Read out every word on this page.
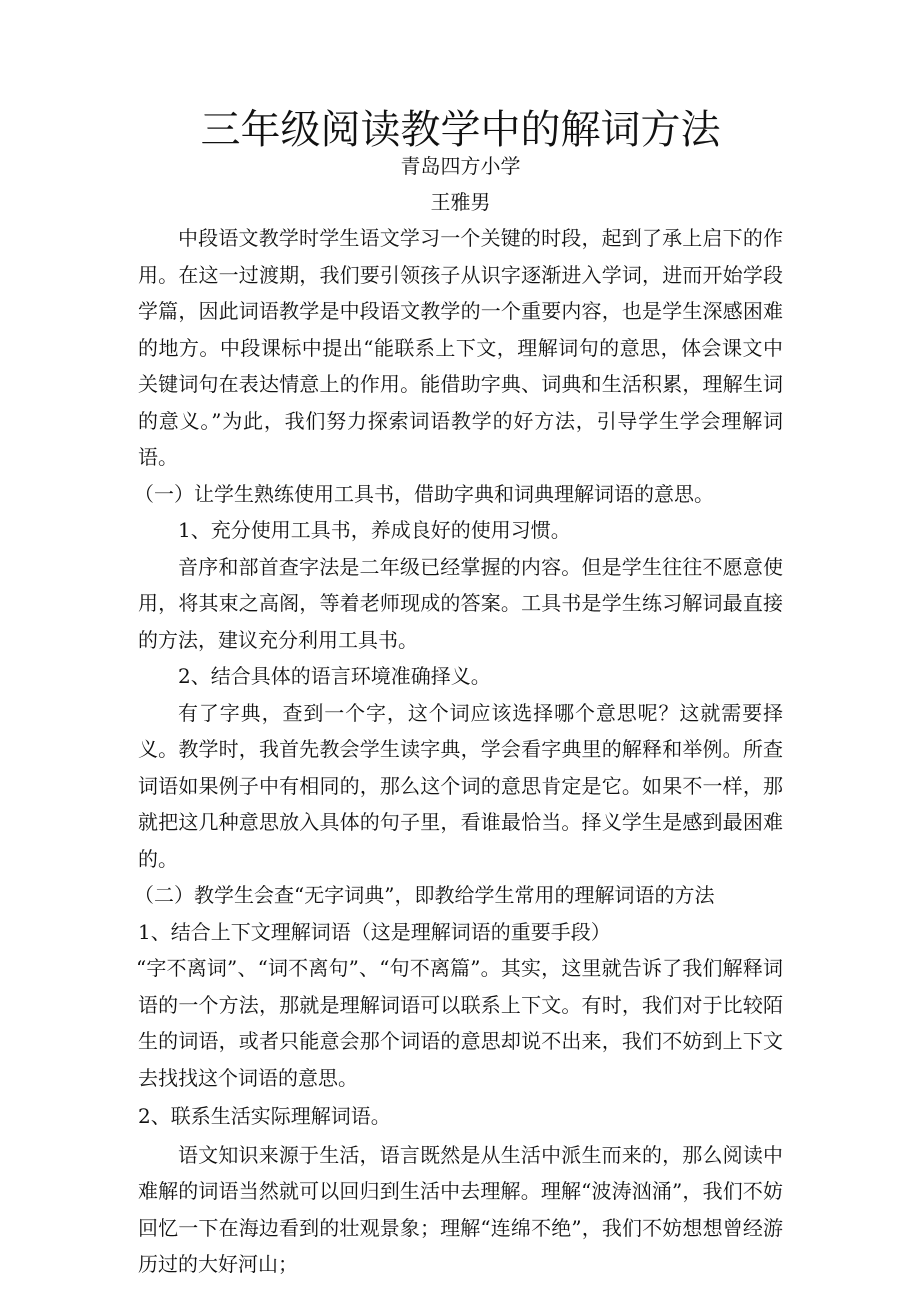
三年级阅读教学中的解词方法
青岛四方小学
王雅男

中段语文教学时学生语文学习一个关键的时段，起到了承上启下的作用。在这一过渡期，我们要引领孩子从识字逐渐进入学词，进而开始学段学篇，因此词语教学是中段语文教学的一个重要内容，也是学生深感困难的地方。中段课标中提出“能联系上下文，理解词句的意思，体会课文中关键词句在表达情意上的作用。能借助字典、词典和生活积累，理解生词的意义。”为此，我们努力探索词语教学的好方法，引导学生学会理解词语。

（一）让学生熟练使用工具书，借助字典和词典理解词语的意思。

1、充分使用工具书，养成良好的使用习惯。

音序和部首查字法是二年级已经掌握的内容。但是学生往往不愿意使用，将其束之高阁，等着老师现成的答案。工具书是学生练习解词最直接的方法，建议充分利用工具书。

2、结合具体的语言环境准确择义。

有了字典，查到一个字，这个词应该选择哪个意思呢？这就需要择义。教学时，我首先教会学生读字典，学会看字典里的解释和举例。所查词语如果例子中有相同的，那么这个词的意思肯定是它。如果不一样，那就把这几种意思放入具体的句子里，看谁最恰当。择义学生是感到最困难的。

（二）教学生会查“无字词典”，即教给学生常用的理解词语的方法

1、结合上下文理解词语（这是理解词语的重要手段）

“字不离词”、“词不离句”、“句不离篇”。其实，这里就告诉了我们解释词语的一个方法，那就是理解词语可以联系上下文。有时，我们对于比较陌生的词语，或者只能意会那个词语的意思却说不出来，我们不妨到上下文去找找这个词语的意思。

2、联系生活实际理解词语。

语文知识来源于生活，语言既然是从生活中派生而来的，那么阅读中难解的词语当然就可以回归到生活中去理解。理解“波涛汹涌”，我们不妨回忆一下在海边看到的壮观景象；理解“连绵不绝”，我们不妨想想曾经游历过的大好河山；
